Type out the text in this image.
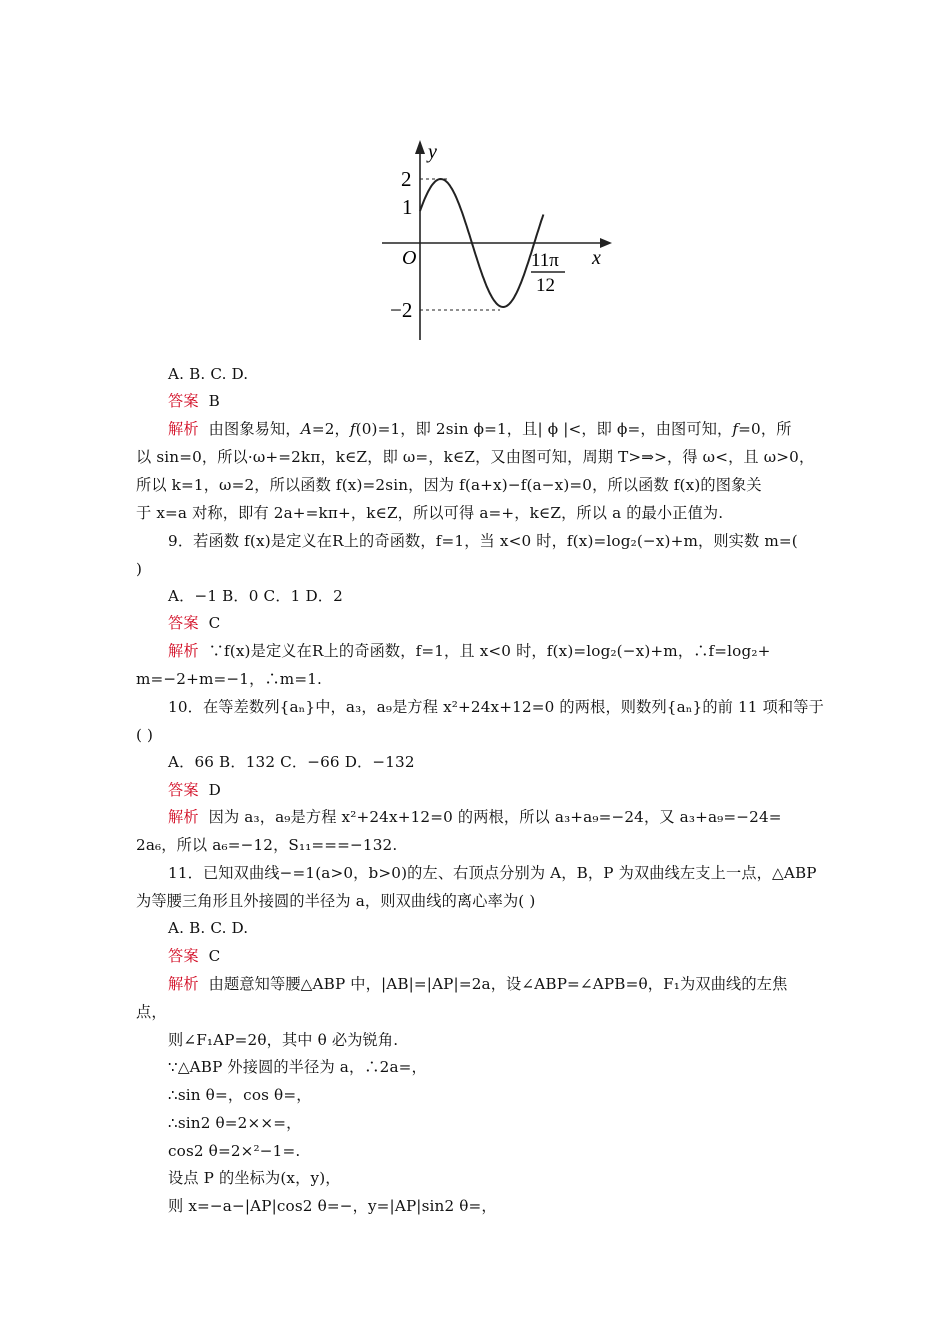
y
x
O
2
1
−2
11π
12
A. B. C. D.
答案 B
解析 由图象易知，A=2，f(0)=1，即 2sin ϕ=1，且| ϕ |<，即 ϕ=，由图可知，f=0，所
以 sin=0，所以·ω+=2kπ，k∈Z，即 ω=，k∈Z，又由图可知，周期 T>⇒>，得 ω<，且 ω>0，
所以 k=1，ω=2，所以函数 f(x)=2sin，因为 f(a+x)−f(a−x)=0，所以函数 f(x)的图象关
于 x=a 对称，即有 2a+=kπ+，k∈Z，所以可得 a=+，k∈Z，所以 a 的最小正值为.
9．若函数 f(x)是定义在R上的奇函数，f=1，当 x<0 时，f(x)=log₂(−x)+m，则实数 m=(
)
A．−1 B．0 C．1 D．2
答案 C
解析 ∵f(x)是定义在R上的奇函数，f=1，且 x<0 时，f(x)=log₂(−x)+m，∴f=log₂+
m=−2+m=−1，∴m=1.
10．在等差数列{aₙ}中，a₃，a₉是方程 x²+24x+12=0 的两根，则数列{aₙ}的前 11 项和等于
( )
A．66 B．132 C．−66 D．−132
答案 D
解析 因为 a₃，a₉是方程 x²+24x+12=0 的两根，所以 a₃+a₉=−24，又 a₃+a₉=−24=
2a₆，所以 a₆=−12，S₁₁===−132.
11．已知双曲线−=1(a>0，b>0)的左、右顶点分别为 A，B，P 为双曲线左支上一点，△ABP
为等腰三角形且外接圆的半径为 a，则双曲线的离心率为( )
A. B. C. D.
答案 C
解析 由题意知等腰△ABP 中，|AB|=|AP|=2a，设∠ABP=∠APB=θ，F₁为双曲线的左焦
点，
则∠F₁AP=2θ，其中 θ 必为锐角.
∵△ABP 外接圆的半径为 a，∴2a=，
∴sin θ=，cos θ=，
∴sin2 θ=2××=，
cos2 θ=2×²−1=.
设点 P 的坐标为(x，y)，
则 x=−a−|AP|cos2 θ=−，y=|AP|sin2 θ=，
